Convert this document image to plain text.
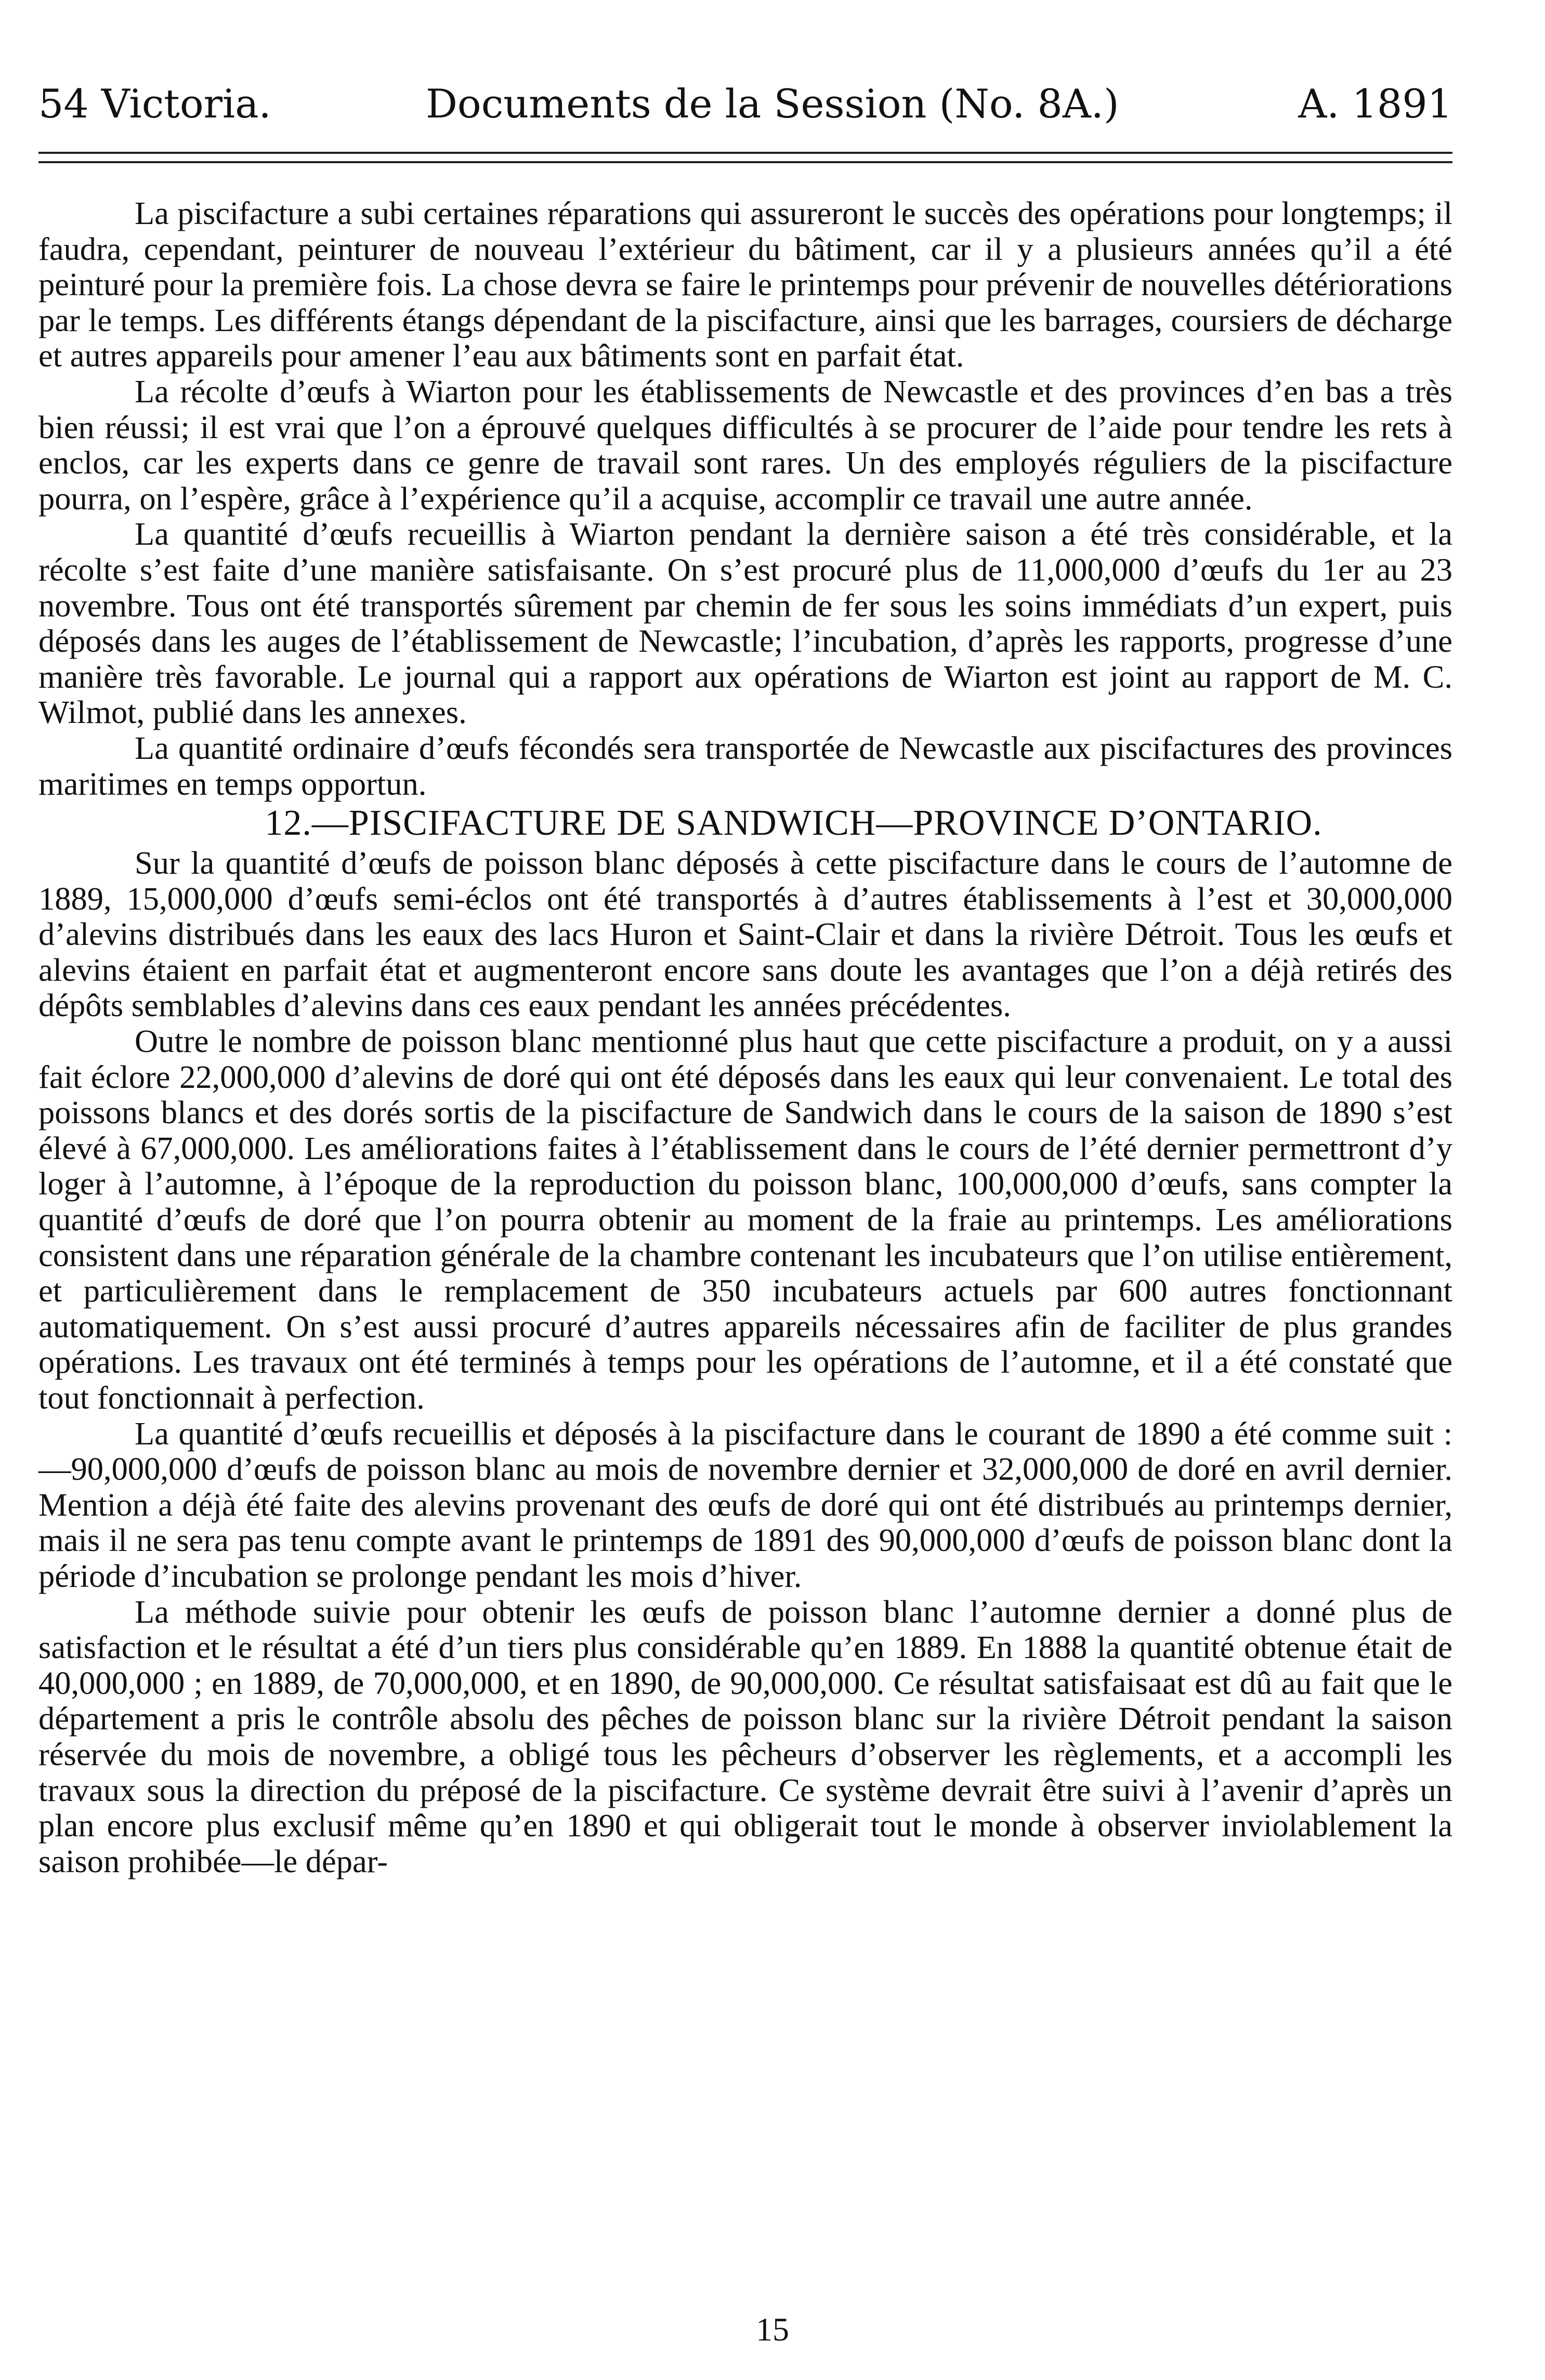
54 Victoria.	Documents de la Session (No. 8A.)	A. 1891

La piscifacture a subi certaines réparations qui assureront le succès des opérations pour longtemps; il faudra, cependant, peinturer de nouveau l’extérieur du bâtiment, car il y a plusieurs années qu’il a été peinturé pour la première fois. La chose devra se faire le printemps pour prévenir de nouvelles détériorations par le temps. Les différents étangs dépendant de la piscifacture, ainsi que les barrages, coursiers de décharge et autres appareils pour amener l’eau aux bâtiments sont en parfait état.

La récolte d’œufs à Wiarton pour les établissements de Newcastle et des provinces d’en bas a très bien réussi; il est vrai que l’on a éprouvé quelques difficultés à se procurer de l’aide pour tendre les rets à enclos, car les experts dans ce genre de travail sont rares. Un des employés réguliers de la piscifacture pourra, on l’espère, grâce à l’expérience qu’il a acquise, accomplir ce travail une autre année.

La quantité d’œufs recueillis à Wiarton pendant la dernière saison a été très considérable, et la récolte s’est faite d’une manière satisfaisante. On s’est procuré plus de 11,000,000 d’œufs du 1er au 23 novembre. Tous ont été transportés sûrement par chemin de fer sous les soins immédiats d’un expert, puis déposés dans les auges de l’établissement de Newcastle; l’incubation, d’après les rapports, progresse d’une manière très favorable. Le journal qui a rapport aux opérations de Wiarton est joint au rapport de M. C. Wilmot, publié dans les annexes.

La quantité ordinaire d’œufs fécondés sera transportée de Newcastle aux piscifactures des provinces maritimes en temps opportun.

12.—PISCIFACTURE DE SANDWICH—PROVINCE D’ONTARIO.

Sur la quantité d’œufs de poisson blanc déposés à cette piscifacture dans le cours de l’automne de 1889, 15,000,000 d’œufs semi-éclos ont été transportés à d’autres établissements à l’est et 30,000,000 d’alevins distribués dans les eaux des lacs Huron et Saint-Clair et dans la rivière Détroit. Tous les œufs et alevins étaient en parfait état et augmenteront encore sans doute les avantages que l’on a déjà retirés des dépôts semblables d’alevins dans ces eaux pendant les années précédentes.

Outre le nombre de poisson blanc mentionné plus haut que cette piscifacture a produit, on y a aussi fait éclore 22,000,000 d’alevins de doré qui ont été déposés dans les eaux qui leur convenaient. Le total des poissons blancs et des dorés sortis de la piscifacture de Sandwich dans le cours de la saison de 1890 s’est élevé à 67,000,000. Les améliorations faites à l’établissement dans le cours de l’été dernier permettront d’y loger à l’automne, à l’époque de la reproduction du poisson blanc, 100,000,000 d’œufs, sans compter la quantité d’œufs de doré que l’on pourra obtenir au moment de la fraie au printemps. Les améliorations consistent dans une réparation générale de la chambre contenant les incubateurs que l’on utilise entièrement, et particulièrement dans le remplacement de 350 incubateurs actuels par 600 autres fonctionnant automatiquement. On s’est aussi procuré d’autres appareils nécessaires afin de faciliter de plus grandes opérations. Les travaux ont été terminés à temps pour les opérations de l’automne, et il a été constaté que tout fonctionnait à perfection.

La quantité d’œufs recueillis et déposés à la piscifacture dans le courant de 1890 a été comme suit :—90,000,000 d’œufs de poisson blanc au mois de novembre dernier et 32,000,000 de doré en avril dernier. Mention a déjà été faite des alevins provenant des œufs de doré qui ont été distribués au printemps dernier, mais il ne sera pas tenu compte avant le printemps de 1891 des 90,000,000 d’œufs de poisson blanc dont la période d’incubation se prolonge pendant les mois d’hiver.

La méthode suivie pour obtenir les œufs de poisson blanc l’automne dernier a donné plus de satisfaction et le résultat a été d’un tiers plus considérable qu’en 1889. En 1888 la quantité obtenue était de 40,000,000 ; en 1889, de 70,000,000, et en 1890, de 90,000,000. Ce résultat satisfaisaat est dû au fait que le département a pris le contrôle absolu des pêches de poisson blanc sur la rivière Détroit pendant la saison réservée du mois de novembre, a obligé tous les pêcheurs d’observer les règlements, et a accompli les travaux sous la direction du préposé de la piscifacture. Ce système devrait être suivi à l’avenir d’après un plan encore plus exclusif même qu’en 1890 et qui obligerait tout le monde à observer inviolablement la saison prohibée—le dépar-

15
